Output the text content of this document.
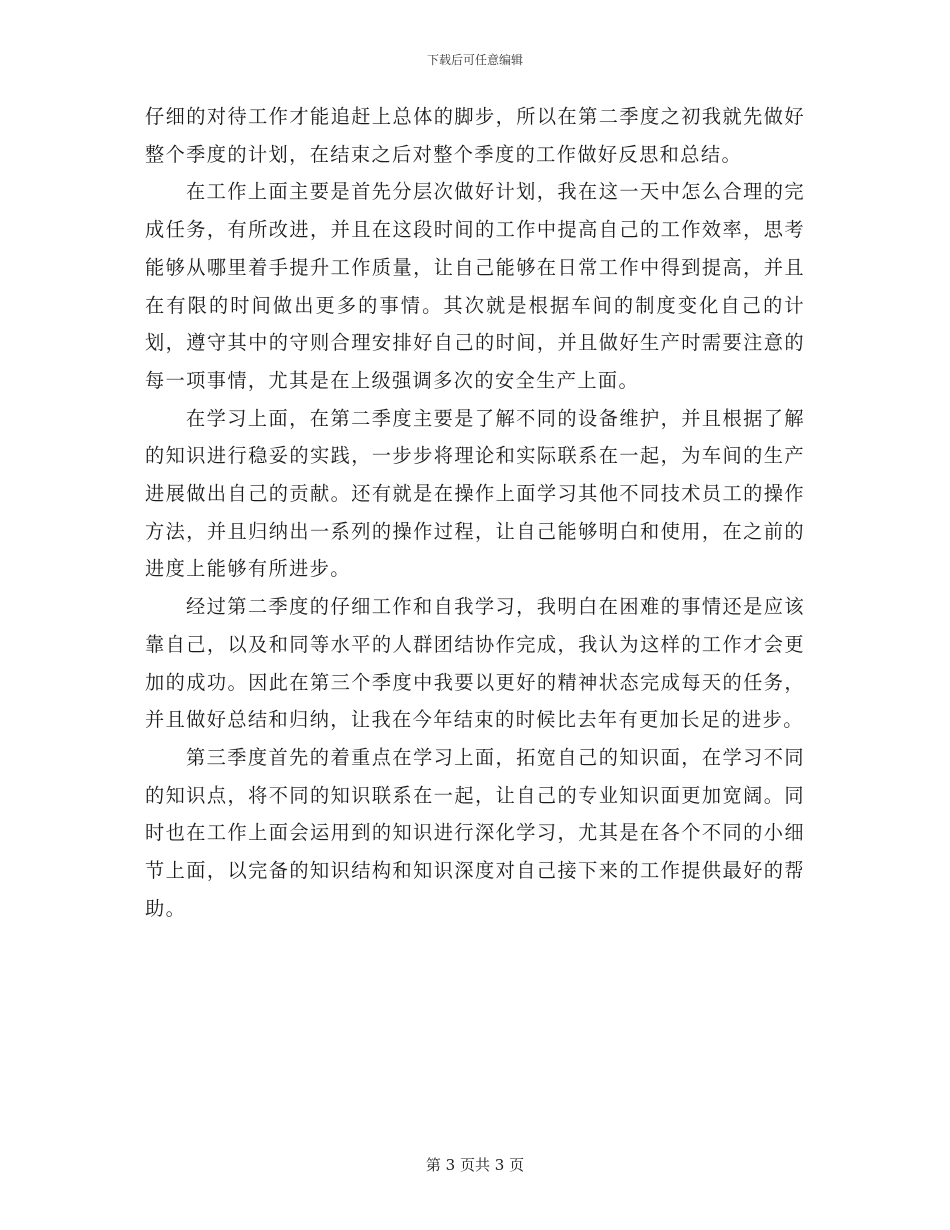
下载后可任意编辑

仔细的对待工作才能追赶上总体的脚步，所以在第二季度之初我就先做好整个季度的计划，在结束之后对整个季度的工作做好反思和总结。

在工作上面主要是首先分层次做好计划，我在这一天中怎么合理的完成任务，有所改进，并且在这段时间的工作中提高自己的工作效率，思考能够从哪里着手提升工作质量，让自己能够在日常工作中得到提高，并且在有限的时间做出更多的事情。其次就是根据车间的制度变化自己的计划，遵守其中的守则合理安排好自己的时间，并且做好生产时需要注意的每一项事情，尤其是在上级强调多次的安全生产上面。

在学习上面，在第二季度主要是了解不同的设备维护，并且根据了解的知识进行稳妥的实践，一步步将理论和实际联系在一起，为车间的生产进展做出自己的贡献。还有就是在操作上面学习其他不同技术员工的操作方法，并且归纳出一系列的操作过程，让自己能够明白和使用，在之前的进度上能够有所进步。

经过第二季度的仔细工作和自我学习，我明白在困难的事情还是应该靠自己，以及和同等水平的人群团结协作完成，我认为这样的工作才会更加的成功。因此在第三个季度中我要以更好的精神状态完成每天的任务，并且做好总结和归纳，让我在今年结束的时候比去年有更加长足的进步。

第三季度首先的着重点在学习上面，拓宽自己的知识面，在学习不同的知识点，将不同的知识联系在一起，让自己的专业知识面更加宽阔。同时也在工作上面会运用到的知识进行深化学习，尤其是在各个不同的小细节上面，以完备的知识结构和知识深度对自己接下来的工作提供最好的帮助。

第 3 页共 3 页
